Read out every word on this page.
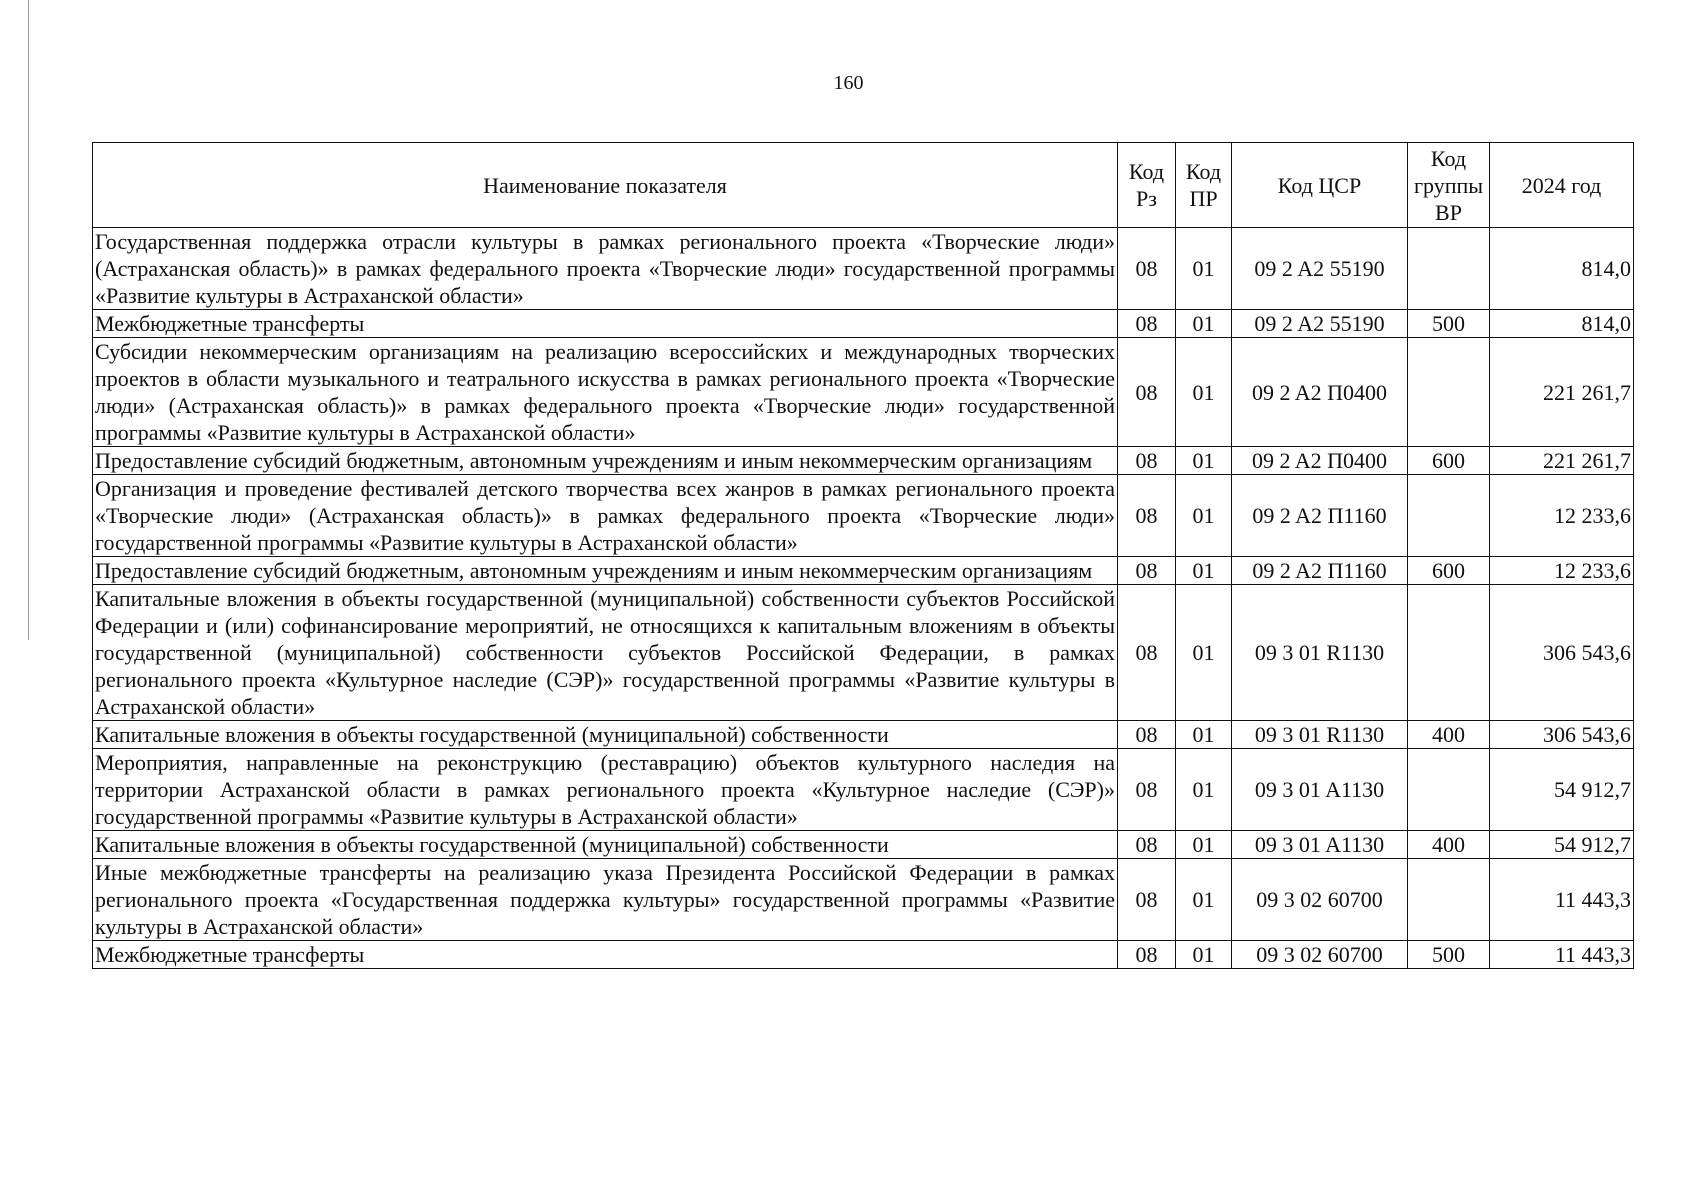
160
Наименование показателя	Код Рз	Код ПР	Код ЦСР	Код группы ВР	2024 год
Государственная поддержка отрасли культуры в рамках регионального проекта «Творческие люди» (Астраханская область)» в рамках федерального проекта «Творческие люди» государственной программы «Развитие культуры в Астраханской области»	08	01	09 2 A2 55190		814,0
Межбюджетные трансферты	08	01	09 2 A2 55190	500	814,0
Субсидии некоммерческим организациям на реализацию всероссийских и международных творческих проектов в области музыкального и театрального искусства в рамках регионального проекта «Творческие люди» (Астраханская область)» в рамках федерального проекта «Творческие люди» государственной программы «Развитие культуры в Астраханской области»	08	01	09 2 A2 П0400		221 261,7
Предоставление субсидий бюджетным, автономным учреждениям и иным некоммерческим организациям	08	01	09 2 A2 П0400	600	221 261,7
Организация и проведение фестивалей детского творчества всех жанров в рамках регионального проекта «Творческие люди» (Астраханская область)» в рамках федерального проекта «Творческие люди» государственной программы «Развитие культуры в Астраханской области»	08	01	09 2 A2 П1160		12 233,6
Предоставление субсидий бюджетным, автономным учреждениям и иным некоммерческим организациям	08	01	09 2 A2 П1160	600	12 233,6
Капитальные вложения в объекты государственной (муниципальной) собственности субъектов Российской Федерации и (или) софинансирование мероприятий, не относящихся к капитальным вложениям в объекты государственной (муниципальной) собственности субъектов Российской Федерации, в рамках регионального проекта «Культурное наследие (СЭР)» государственной программы «Развитие культуры в Астраханской области»	08	01	09 3 01 R1130		306 543,6
Капитальные вложения в объекты государственной (муниципальной) собственности	08	01	09 3 01 R1130	400	306 543,6
Мероприятия, направленные на реконструкцию (реставрацию) объектов культурного наследия на территории Астраханской области в рамках регионального проекта «Культурное наследие (СЭР)» государственной программы «Развитие культуры в Астраханской области»	08	01	09 3 01 A1130		54 912,7
Капитальные вложения в объекты государственной (муниципальной) собственности	08	01	09 3 01 A1130	400	54 912,7
Иные межбюджетные трансферты на реализацию указа Президента Российской Федерации в рамках регионального проекта «Государственная поддержка культуры» государственной программы «Развитие культуры в Астраханской области»	08	01	09 3 02 60700		11 443,3
Межбюджетные трансферты	08	01	09 3 02 60700	500	11 443,3
